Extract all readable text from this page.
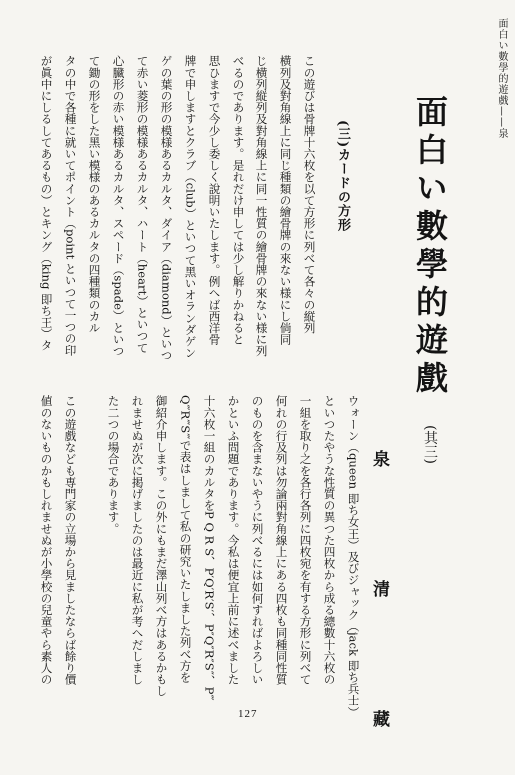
面白い數學的遊戲——泉
面白い數學的遊戲
(其三)
泉　清　藏
(三)カードの方形
この遊びは骨牌十六枚を以て方形に列べて各々の縦列
横列及對角線上に同じ種類の繪骨牌の來ない様にし倘同
じ横列縦列及對角線上に同一性質の繪骨牌の來ない様に列
べるのであります。是れだけ申しては少し解りかねると
思ひますで今少し委しく說明いたします。例へば西洋骨
牌で申しますとクラブ（club）といつて黑いオランダゲン
ゲの葉の形の模様あるカルタ、ダイア（diamond）といつ
て赤い菱形の模様あるカルタ、ハート（heart）といつて
心臓形の赤い模様あるカルタ、スペード（spade）といつ
て鋤の形をした黑い模様のあるカルタの四種類のカル
タの中で各種に就いてポイント（point といつて一つの印
が眞中にしるしてあるもの）とキング（king 即ち王）タ
ウォーン（queen 即ち女王）及びジャック（jack 即ち兵士）
といつたやうな性質の異つた四枚から成る總數十六枚の
一組を取り之を各行各列に四枚宛を有する方形に列べて
何れの行及列は勿論兩對角線上にある四枚も同種同性質
のものを含まないやうに列べるには如何すればよろしい
かといふ問題であります。今私は便宜上前に述べました
十六枚一組のカルタをP Q R S、P′Q′R′S′、P″Q″R″S″、P‴
Q‴R‴S‴で表はしまして私の研究いたしました列べ方を
御紹介申します。この外にもまだ澤山列べ方はあるかもし
れませぬが次に掲げましたのは最近に私が考へだしまし
た二つの場合であります。
この遊戲なども専門家の立場から見ましたならば餘り價
値のないものかもしれませぬが小學校の兒童やら素人の
127
